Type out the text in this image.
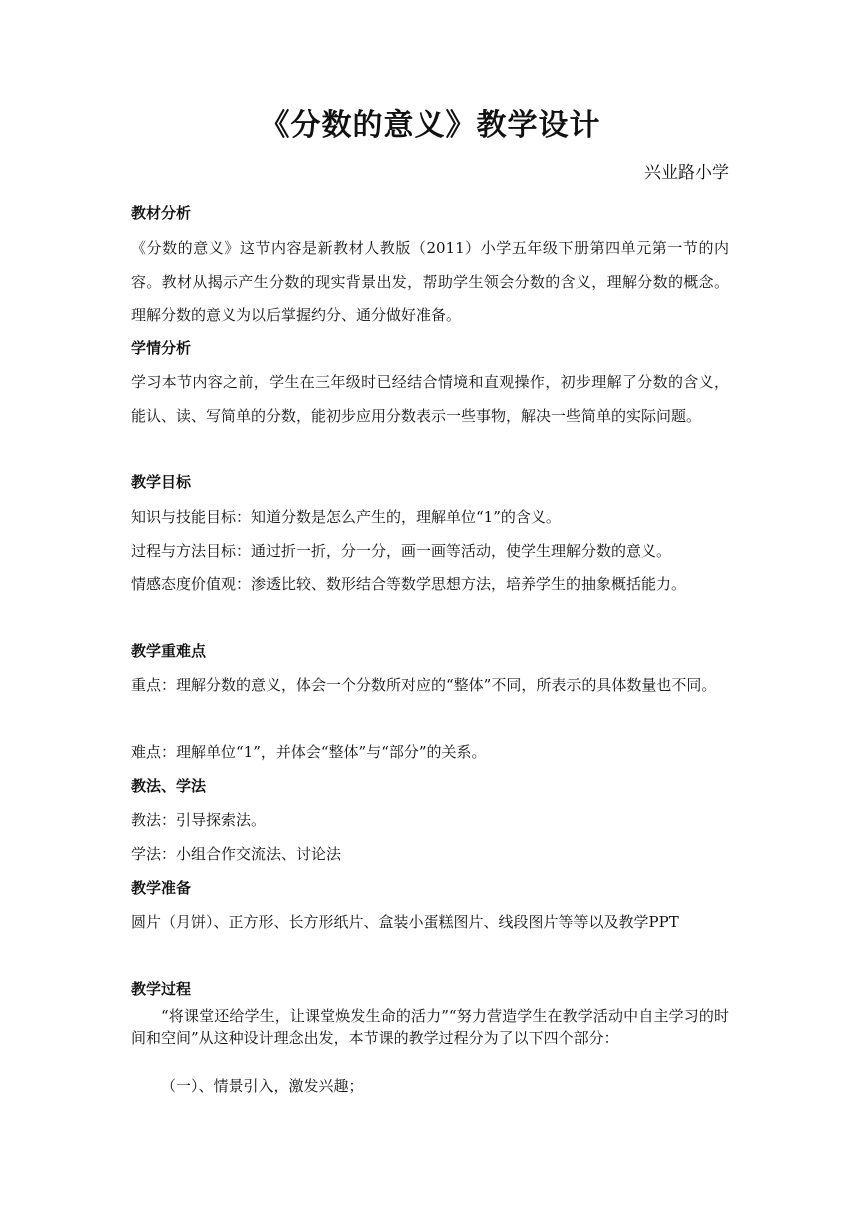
《分数的意义》教学设计
兴业路小学
教材分析
《分数的意义》这节内容是新教材人教版（2011）小学五年级下册第四单元第一节的内容。教材从揭示产生分数的现实背景出发，帮助学生领会分数的含义，理解分数的概念。理解分数的意义为以后掌握约分、通分做好准备。
学情分析
学习本节内容之前，学生在三年级时已经结合情境和直观操作，初步理解了分数的含义，能认、读、写简单的分数，能初步应用分数表示一些事物，解决一些简单的实际问题。
教学目标
知识与技能目标：知道分数是怎么产生的，理解单位“1”的含义。
过程与方法目标：通过折一折，分一分，画一画等活动，使学生理解分数的意义。
情感态度价值观：渗透比较、数形结合等数学思想方法，培养学生的抽象概括能力。
教学重难点
重点：理解分数的意义，体会一个分数所对应的“整体”不同，所表示的具体数量也不同。
难点：理解单位“1”，并体会“整体”与“部分”的关系。
教法、学法
教法：引导探索法。
学法：小组合作交流法、讨论法
教学准备
圆片（月饼）、正方形、长方形纸片、盒装小蛋糕图片、线段图片等等以及教学PPT
教学过程
“将课堂还给学生，让课堂焕发生命的活力”“努力营造学生在教学活动中自主学习的时间和空间”从这种设计理念出发，本节课的教学过程分为了以下四个部分：
（一）、情景引入，激发兴趣；
